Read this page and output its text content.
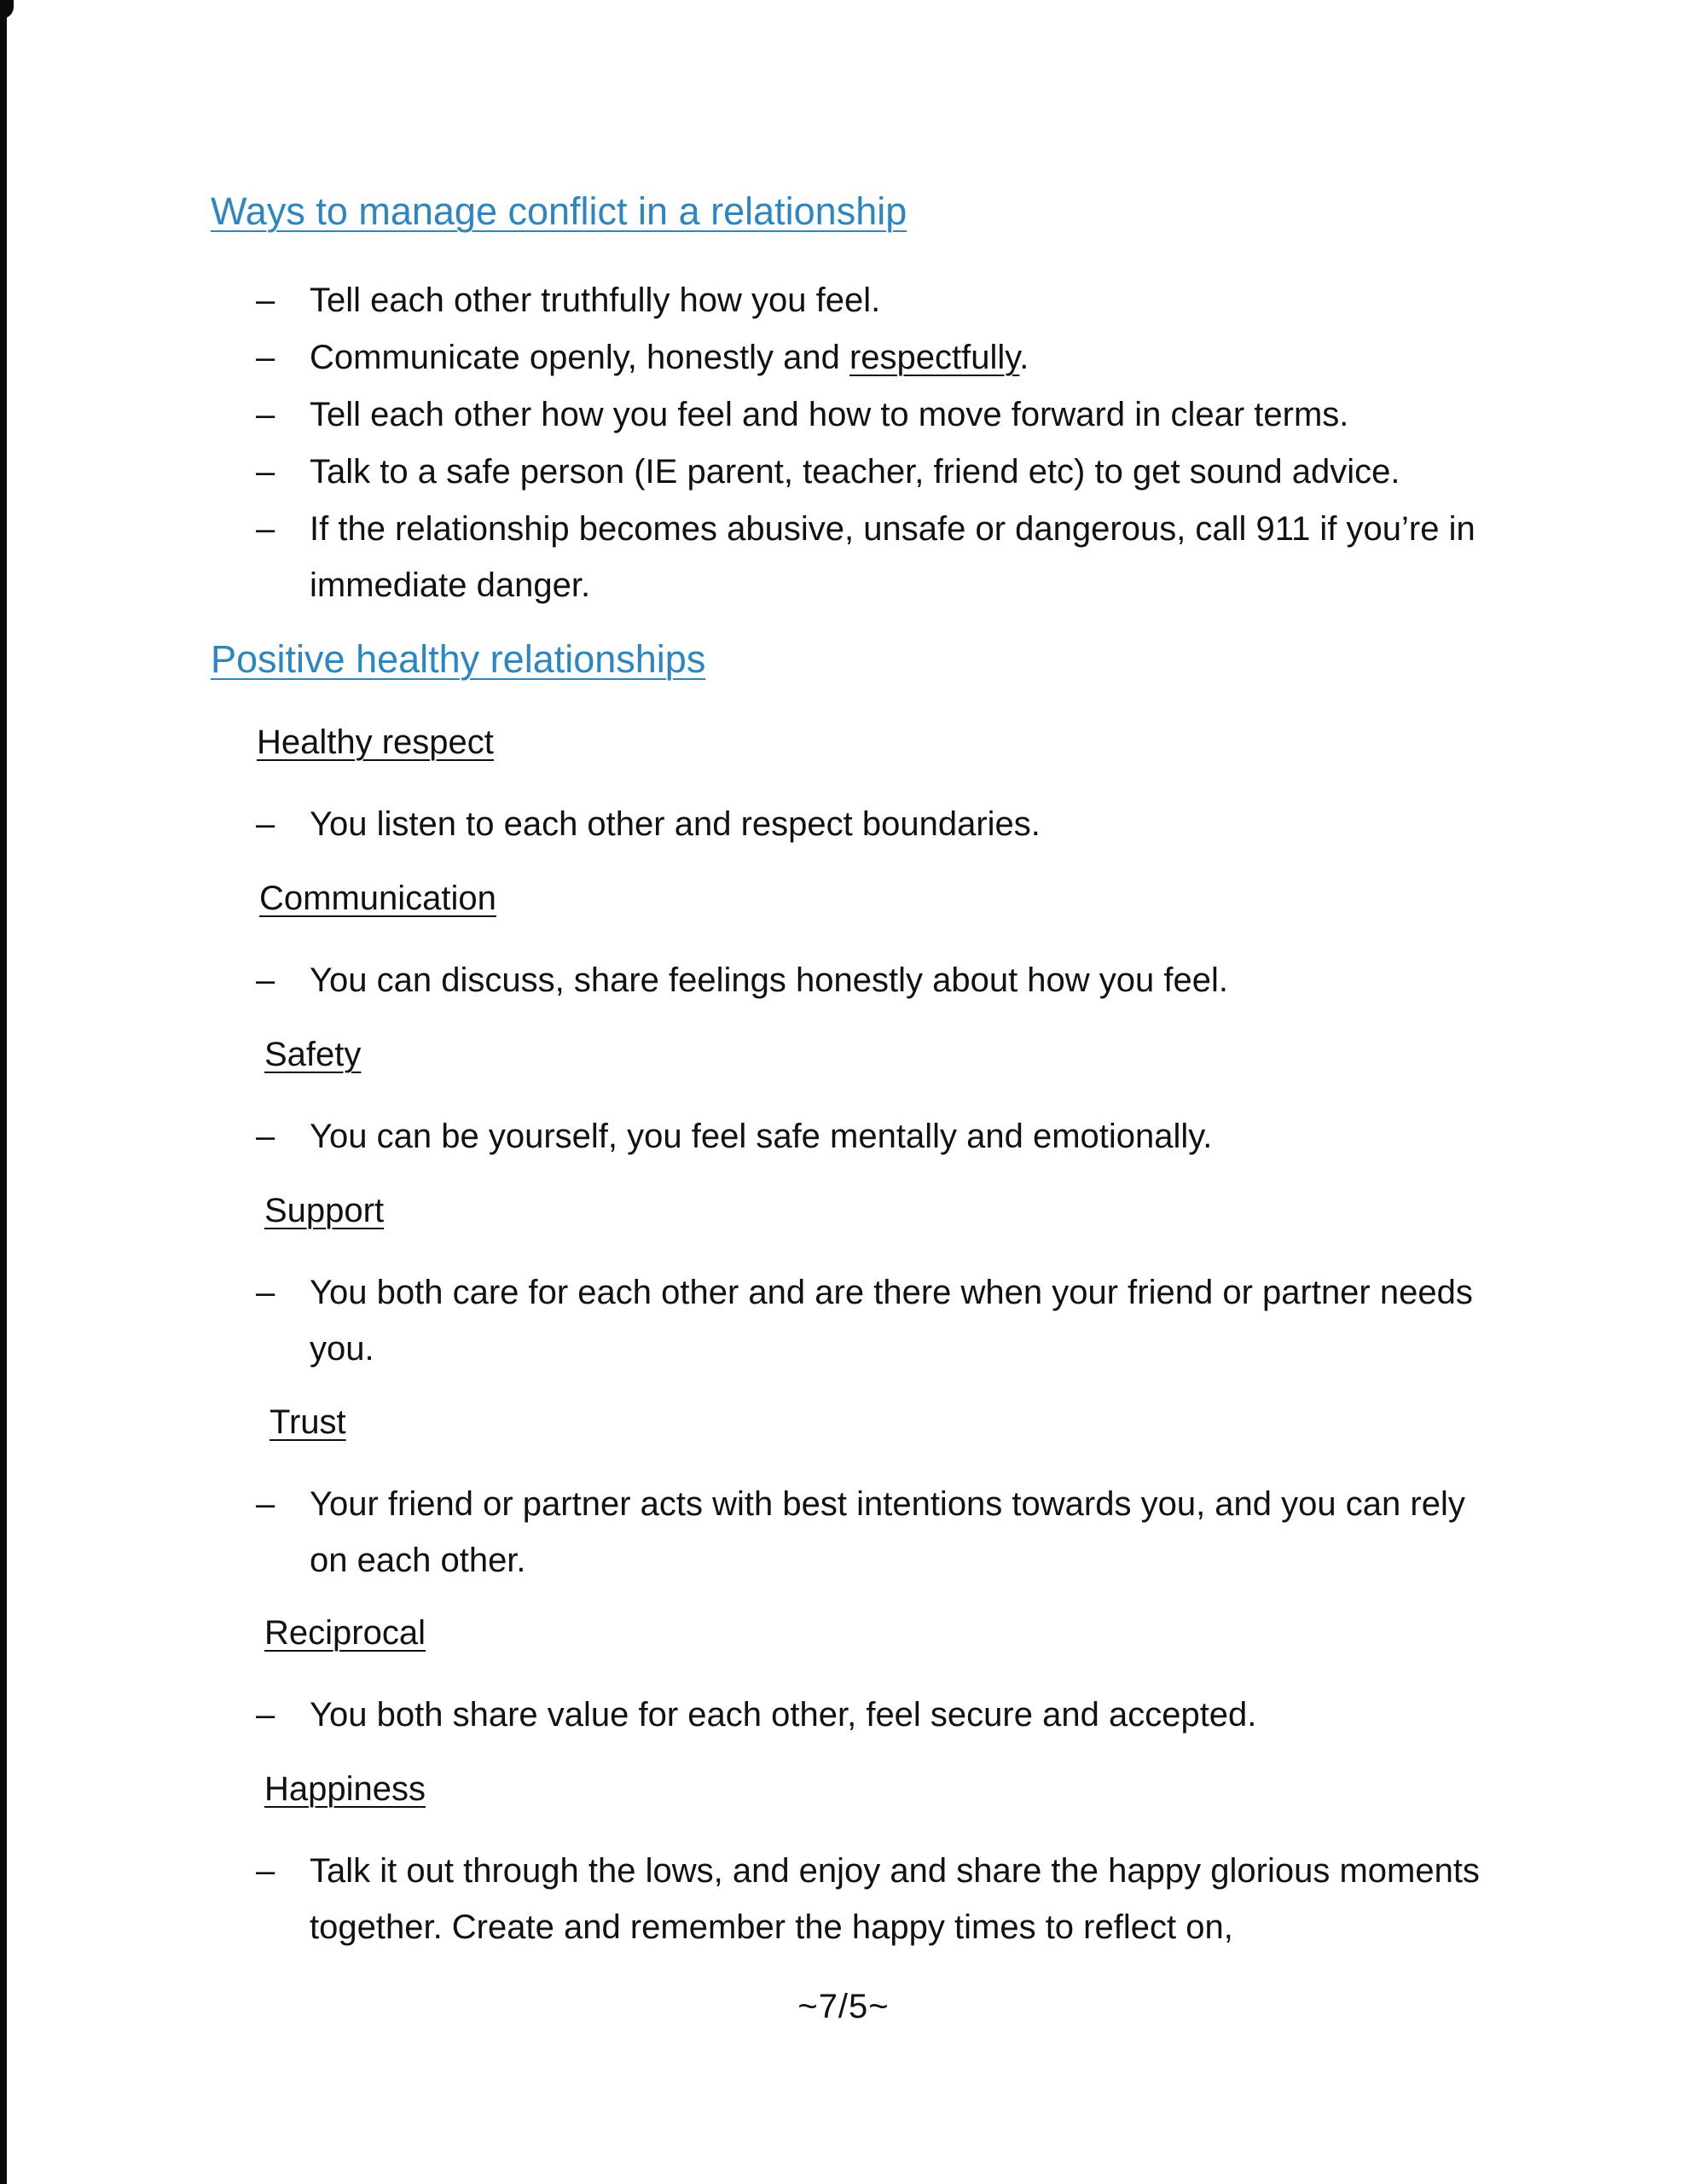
Ways to manage conflict in a relationship
–	Tell each other truthfully how you feel.
–	Communicate openly, honestly and respectfully.
–	Tell each other how you feel and how to move forward in clear terms.
–	Talk to a safe person (IE parent, teacher, friend etc) to get sound advice.
–	If the relationship becomes abusive, unsafe or dangerous, call 911 if you’re in immediate danger.
Positive healthy relationships
Healthy respect
–	You listen to each other and respect boundaries.
Communication
–	You can discuss, share feelings honestly about how you feel.
Safety
–	You can be yourself, you feel safe mentally and emotionally.
Support
–	You both care for each other and are there when your friend or partner needs you.
Trust
–	Your friend or partner acts with best intentions towards you, and you can rely on each other.
Reciprocal
–	You both share value for each other, feel secure and accepted.
Happiness
–	Talk it out through the lows, and enjoy and share the happy glorious moments together. Create and remember the happy times to reflect on,
~7/5~
